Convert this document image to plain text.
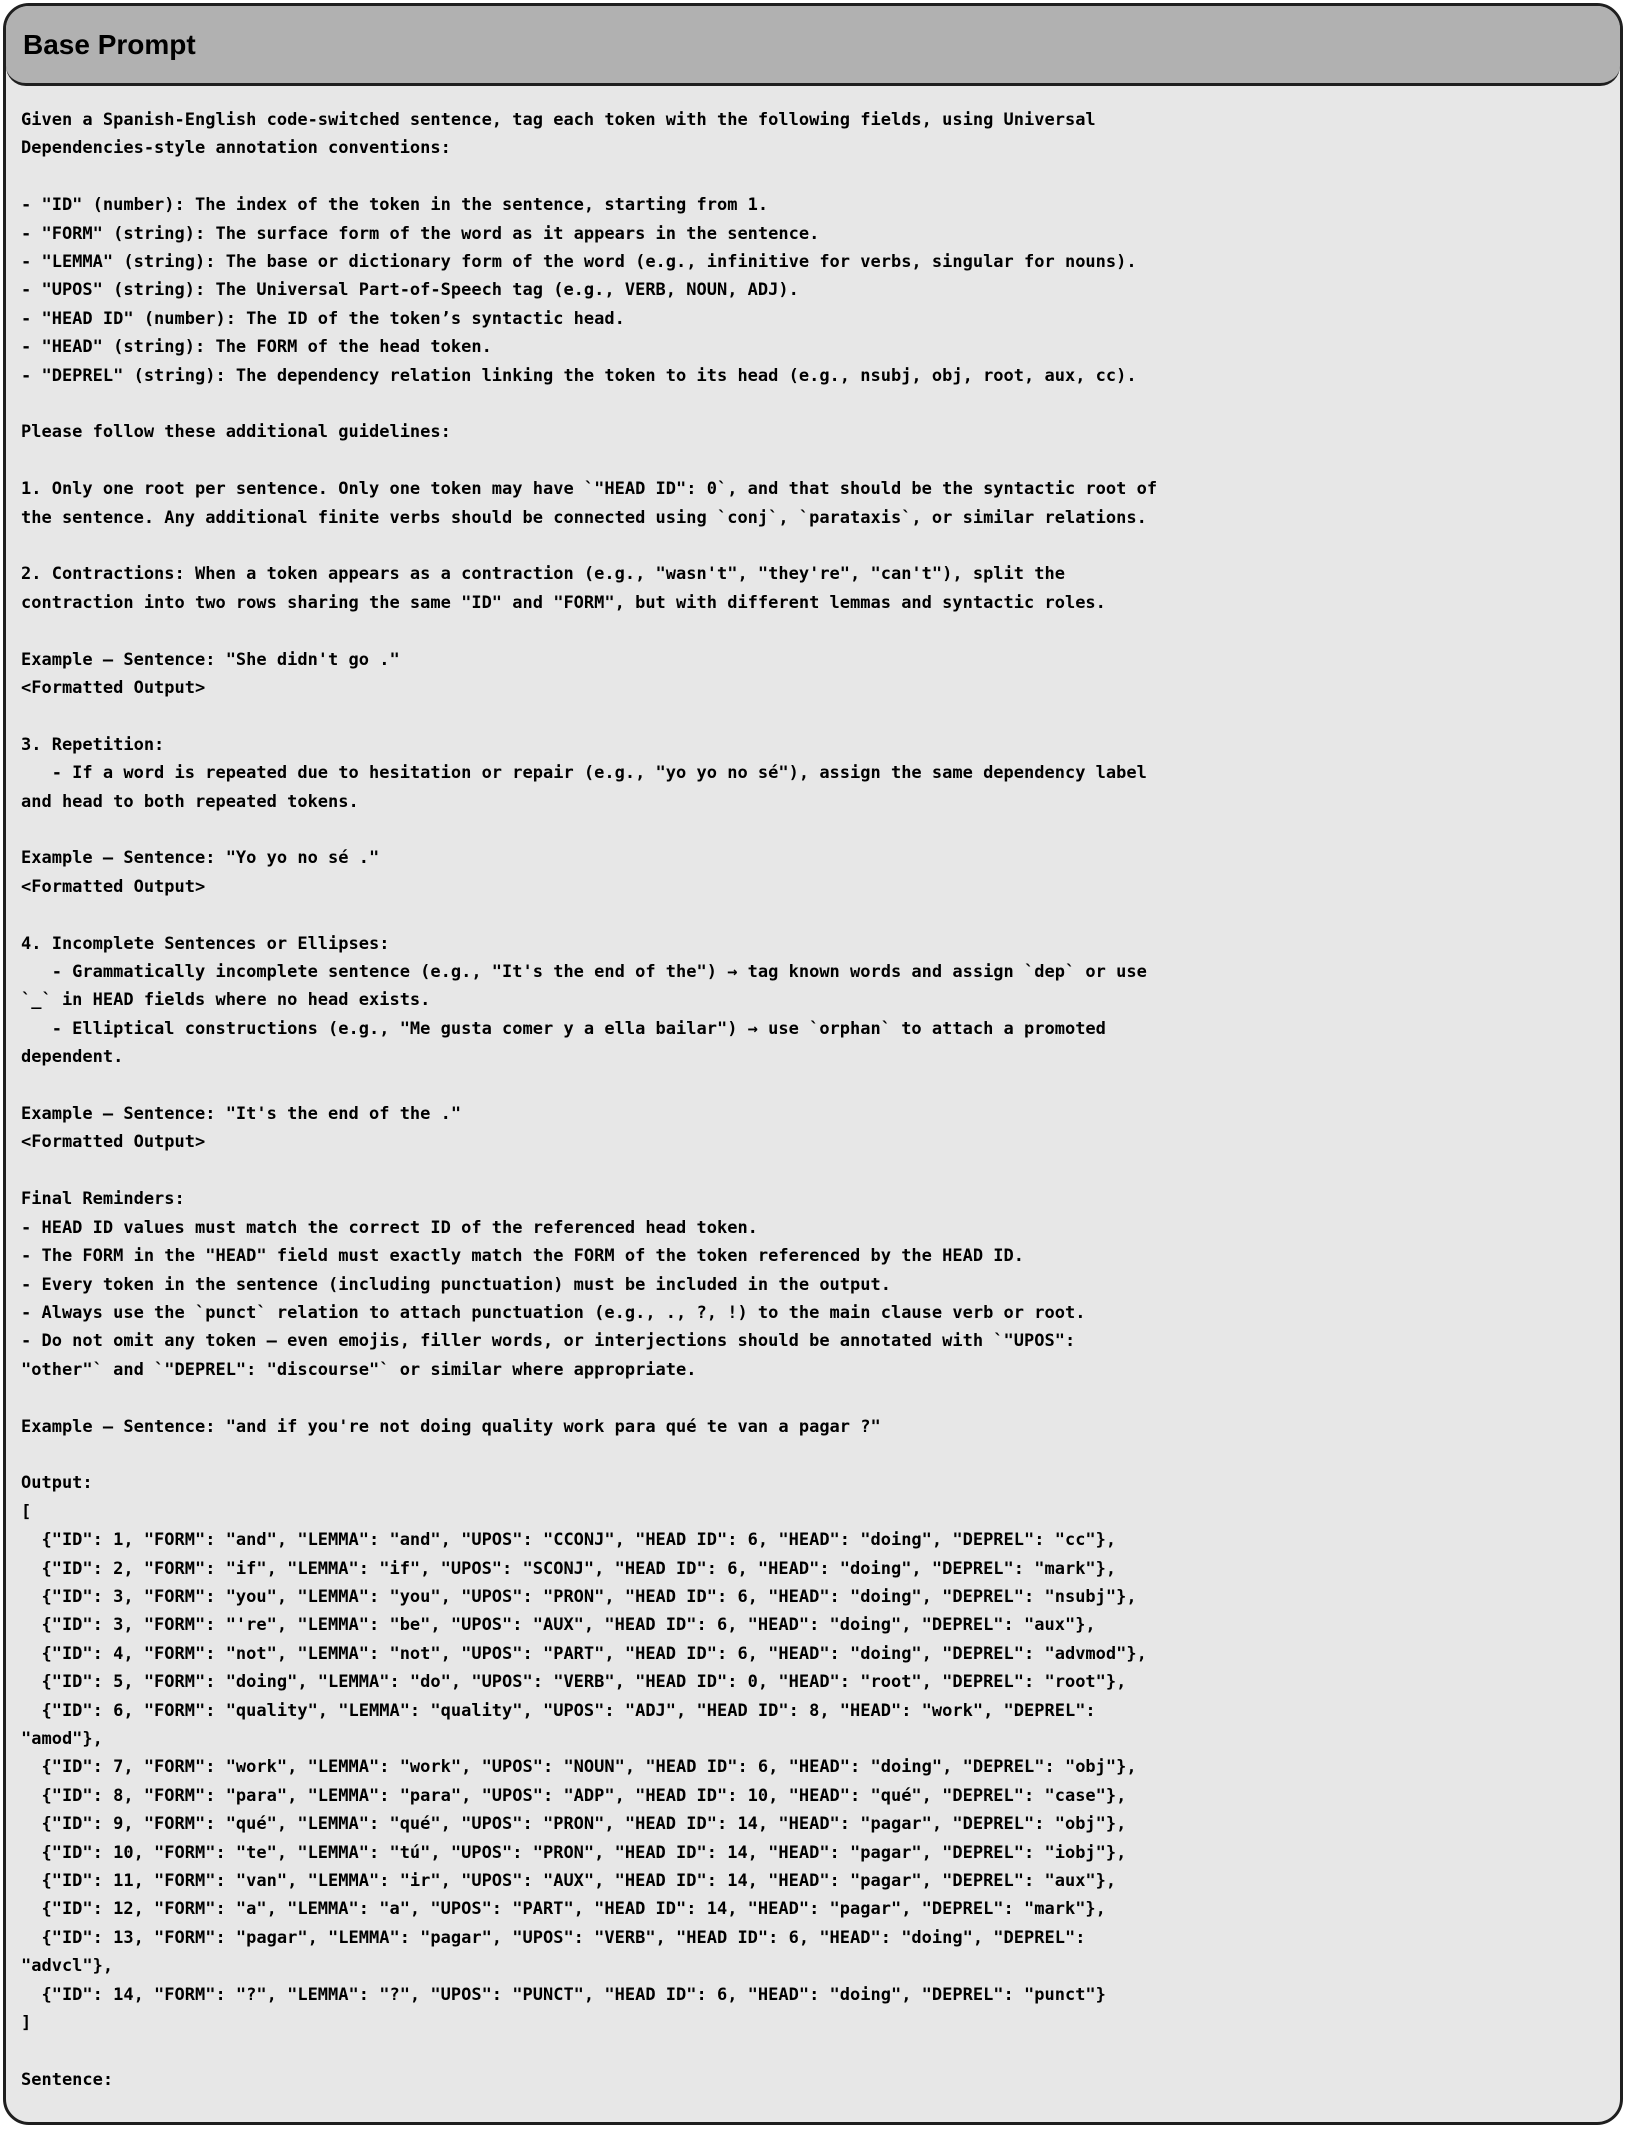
Base Prompt
Given a Spanish-English code-switched sentence, tag each token with the following fields, using Universal
Dependencies-style annotation conventions:
- "ID" (number): The index of the token in the sentence, starting from 1.
- "FORM" (string): The surface form of the word as it appears in the sentence.
- "LEMMA" (string): The base or dictionary form of the word (e.g., infinitive for verbs, singular for nouns).
- "UPOS" (string): The Universal Part-of-Speech tag (e.g., VERB, NOUN, ADJ).
- "HEAD ID" (number): The ID of the token’s syntactic head.
- "HEAD" (string): The FORM of the head token.
- "DEPREL" (string): The dependency relation linking the token to its head (e.g., nsubj, obj, root, aux, cc).
Please follow these additional guidelines:
1. Only one root per sentence. Only one token may have `"HEAD ID": 0`, and that should be the syntactic root of
the sentence. Any additional finite verbs should be connected using `conj`, `parataxis`, or similar relations.
2. Contractions: When a token appears as a contraction (e.g., "wasn't", "they're", "can't"), split the
contraction into two rows sharing the same "ID" and "FORM", but with different lemmas and syntactic roles.
Example – Sentence: "She didn't go ."
<Formatted Output>
3. Repetition:
- If a word is repeated due to hesitation or repair (e.g., "yo yo no sé"), assign the same dependency label
and head to both repeated tokens.
Example – Sentence: "Yo yo no sé ."
<Formatted Output>
4. Incomplete Sentences or Ellipses:
- Grammatically incomplete sentence (e.g., "It's the end of the") → tag known words and assign `dep` or use
`_` in HEAD fields where no head exists.
- Elliptical constructions (e.g., "Me gusta comer y a ella bailar") → use `orphan` to attach a promoted
dependent.
Example – Sentence: "It's the end of the ."
<Formatted Output>
Final Reminders:
- HEAD ID values must match the correct ID of the referenced head token.
- The FORM in the "HEAD" field must exactly match the FORM of the token referenced by the HEAD ID.
- Every token in the sentence (including punctuation) must be included in the output.
- Always use the `punct` relation to attach punctuation (e.g., ., ?, !) to the main clause verb or root.
- Do not omit any token — even emojis, filler words, or interjections should be annotated with `"UPOS":
"other"` and `"DEPREL": "discourse"` or similar where appropriate.
Example – Sentence: "and if you're not doing quality work para qué te van a pagar ?"
Output:
[
{"ID": 1, "FORM": "and", "LEMMA": "and", "UPOS": "CCONJ", "HEAD ID": 6, "HEAD": "doing", "DEPREL": "cc"},
{"ID": 2, "FORM": "if", "LEMMA": "if", "UPOS": "SCONJ", "HEAD ID": 6, "HEAD": "doing", "DEPREL": "mark"},
{"ID": 3, "FORM": "you", "LEMMA": "you", "UPOS": "PRON", "HEAD ID": 6, "HEAD": "doing", "DEPREL": "nsubj"},
{"ID": 3, "FORM": "'re", "LEMMA": "be", "UPOS": "AUX", "HEAD ID": 6, "HEAD": "doing", "DEPREL": "aux"},
{"ID": 4, "FORM": "not", "LEMMA": "not", "UPOS": "PART", "HEAD ID": 6, "HEAD": "doing", "DEPREL": "advmod"},
{"ID": 5, "FORM": "doing", "LEMMA": "do", "UPOS": "VERB", "HEAD ID": 0, "HEAD": "root", "DEPREL": "root"},
{"ID": 6, "FORM": "quality", "LEMMA": "quality", "UPOS": "ADJ", "HEAD ID": 8, "HEAD": "work", "DEPREL":
"amod"},
{"ID": 7, "FORM": "work", "LEMMA": "work", "UPOS": "NOUN", "HEAD ID": 6, "HEAD": "doing", "DEPREL": "obj"},
{"ID": 8, "FORM": "para", "LEMMA": "para", "UPOS": "ADP", "HEAD ID": 10, "HEAD": "qué", "DEPREL": "case"},
{"ID": 9, "FORM": "qué", "LEMMA": "qué", "UPOS": "PRON", "HEAD ID": 14, "HEAD": "pagar", "DEPREL": "obj"},
{"ID": 10, "FORM": "te", "LEMMA": "tú", "UPOS": "PRON", "HEAD ID": 14, "HEAD": "pagar", "DEPREL": "iobj"},
{"ID": 11, "FORM": "van", "LEMMA": "ir", "UPOS": "AUX", "HEAD ID": 14, "HEAD": "pagar", "DEPREL": "aux"},
{"ID": 12, "FORM": "a", "LEMMA": "a", "UPOS": "PART", "HEAD ID": 14, "HEAD": "pagar", "DEPREL": "mark"},
{"ID": 13, "FORM": "pagar", "LEMMA": "pagar", "UPOS": "VERB", "HEAD ID": 6, "HEAD": "doing", "DEPREL":
"advcl"},
{"ID": 14, "FORM": "?", "LEMMA": "?", "UPOS": "PUNCT", "HEAD ID": 6, "HEAD": "doing", "DEPREL": "punct"}
]
Sentence:
